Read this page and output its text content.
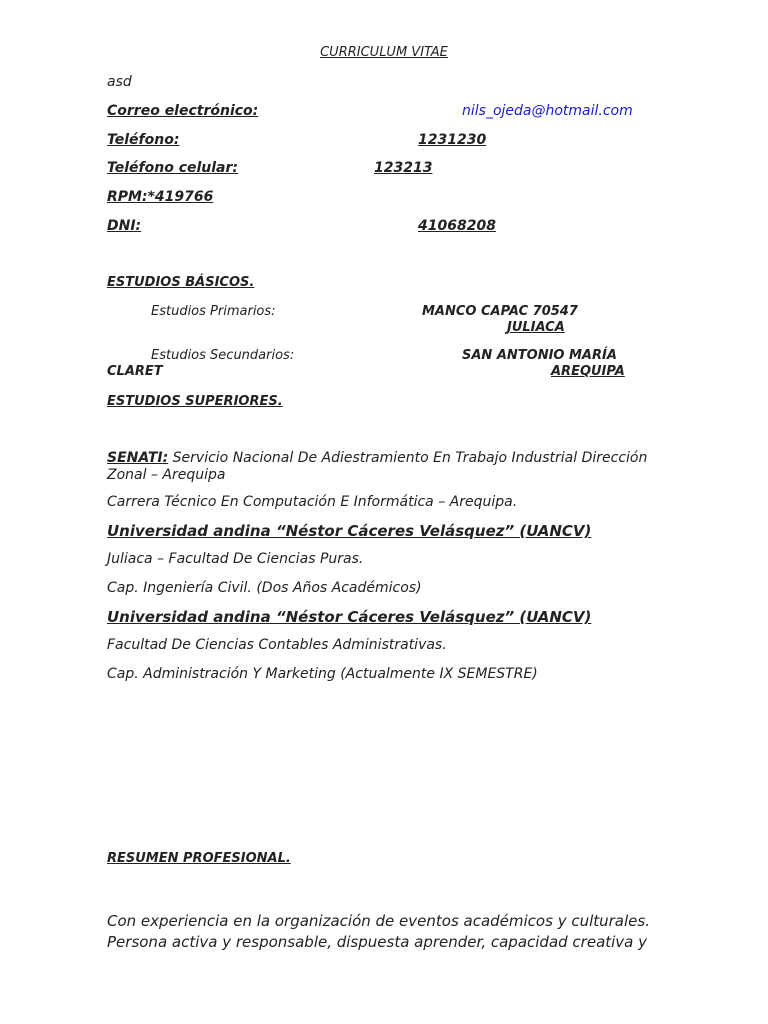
CURRICULUM VITAE
asd
Correo electrónico:	nils_ojeda@hotmail.com
Teléfono:	1231230
Teléfono celular:	123213
RPM:*419766
DNI:	41068208
ESTUDIOS BÁSICOS.
Estudios Primarios:	MANCO CAPAC 70547
JULIACA
Estudios Secundarios:	SAN ANTONIO MARÍA
CLARET	AREQUIPA
ESTUDIOS SUPERIORES.
SENATI: Servicio Nacional De Adiestramiento En Trabajo Industrial Dirección Zonal – Arequipa
Carrera Técnico En Computación E Informática – Arequipa.
Universidad andina “Néstor Cáceres Velásquez” (UANCV)
Juliaca – Facultad De Ciencias Puras.
Cap. Ingeniería Civil. (Dos Años Académicos)
Universidad andina “Néstor Cáceres Velásquez” (UANCV)
Facultad De Ciencias Contables Administrativas.
Cap. Administración Y Marketing (Actualmente IX SEMESTRE)
RESUMEN PROFESIONAL.
Con experiencia en la organización de eventos académicos y culturales.
Persona activa y responsable, dispuesta aprender, capacidad creativa y
